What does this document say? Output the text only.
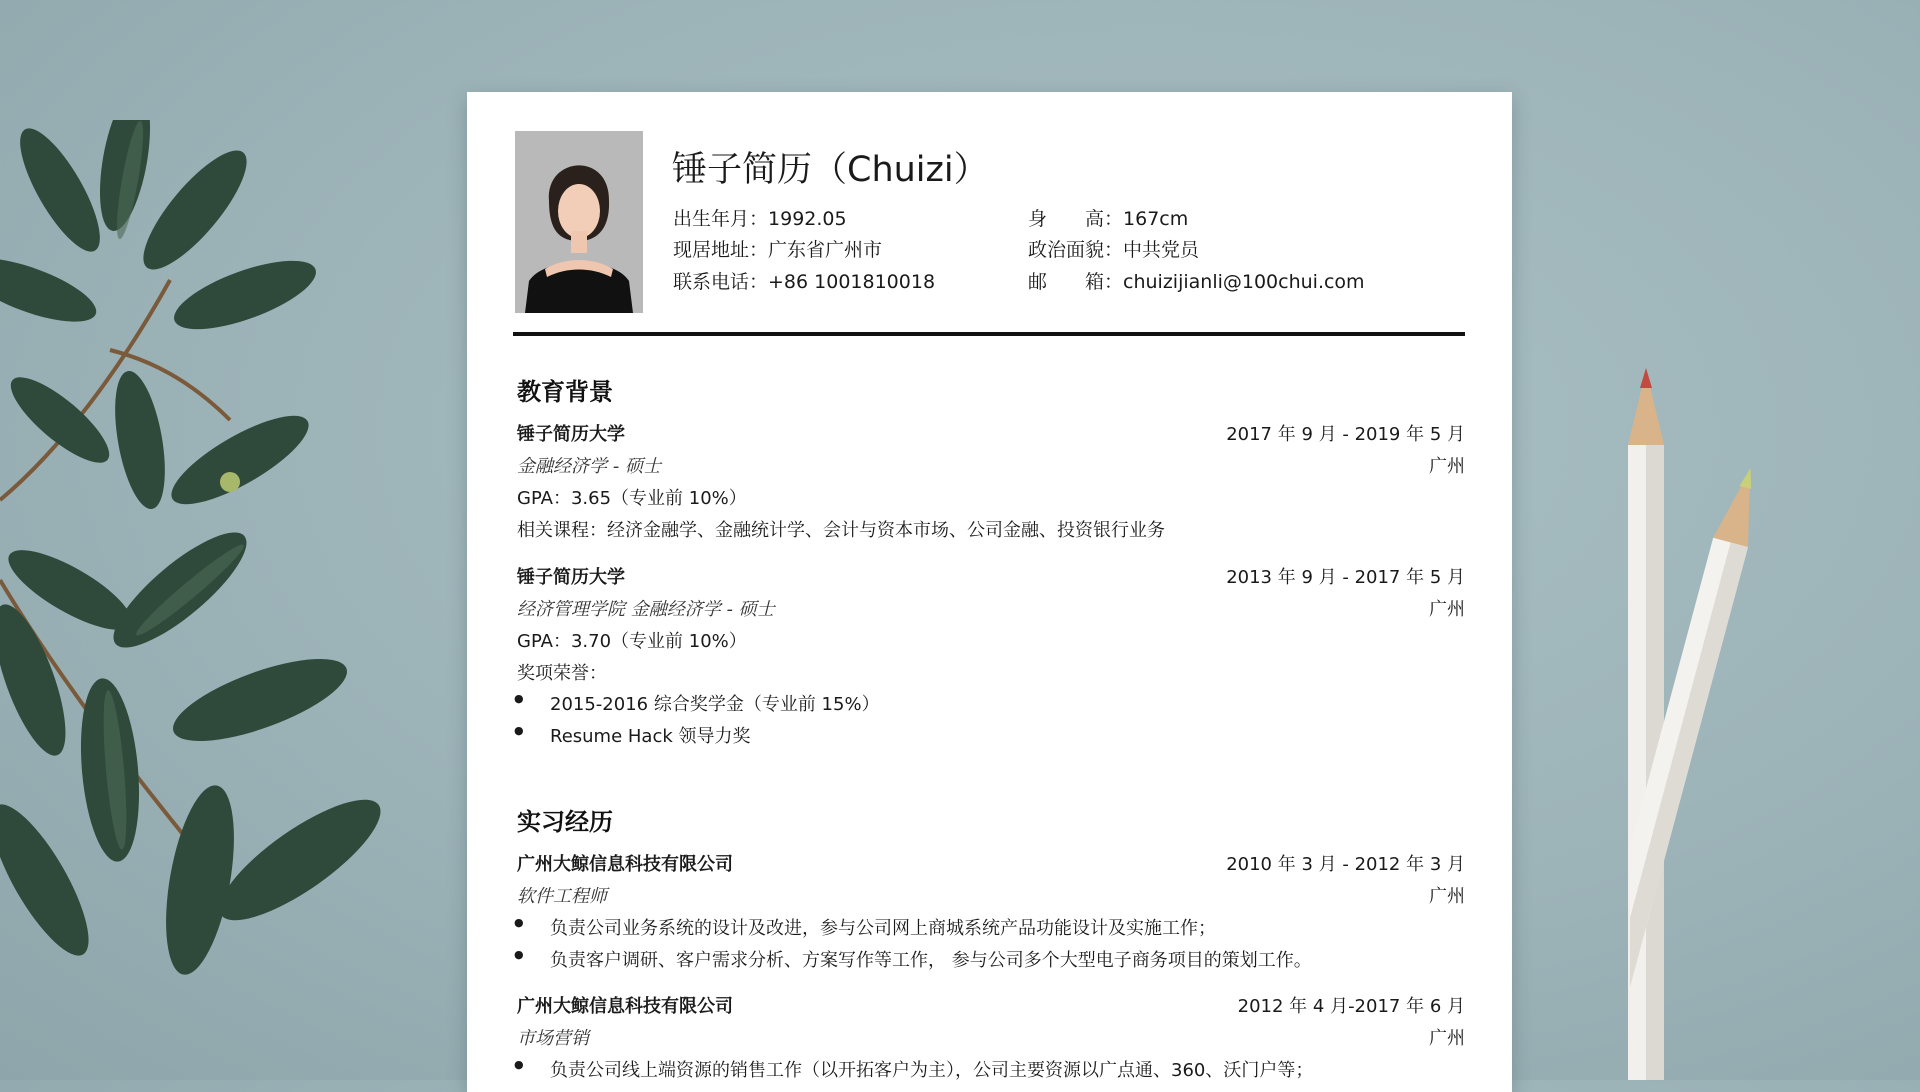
锤子简历（Chuizi）
出生年月：1992.05
现居地址：广东省广州市
联系电话：+86 1001810018
身　　高：167cm
政治面貌：中共党员
邮　　箱：chuizijianli@100chui.com
教育背景
锤子简历大学	2017 年 9 月 - 2019 年 5 月
金融经济学 - 硕士	广州
GPA：3.65（专业前 10%）
相关课程：经济金融学、金融统计学、会计与资本市场、公司金融、投资银行业务
锤子简历大学	2013 年 9 月 - 2017 年 5 月
经济管理学院 金融经济学 - 硕士	广州
GPA：3.70（专业前 10%）
奖项荣誉：
● 2015-2016 综合奖学金（专业前 15%）
● Resume Hack 领导力奖
实习经历
广州大鲸信息科技有限公司	2010 年 3 月 - 2012 年 3 月
软件工程师	广州
● 负责公司业务系统的设计及改进，参与公司网上商城系统产品功能设计及实施工作；
● 负责客户调研、客户需求分析、方案写作等工作， 参与公司多个大型电子商务项目的策划工作。
广州大鲸信息科技有限公司	2012 年 4 月-2017 年 6 月
市场营销	广州
● 负责公司线上端资源的销售工作（以开拓客户为主），公司主要资源以广点通、360、沃门户等；
